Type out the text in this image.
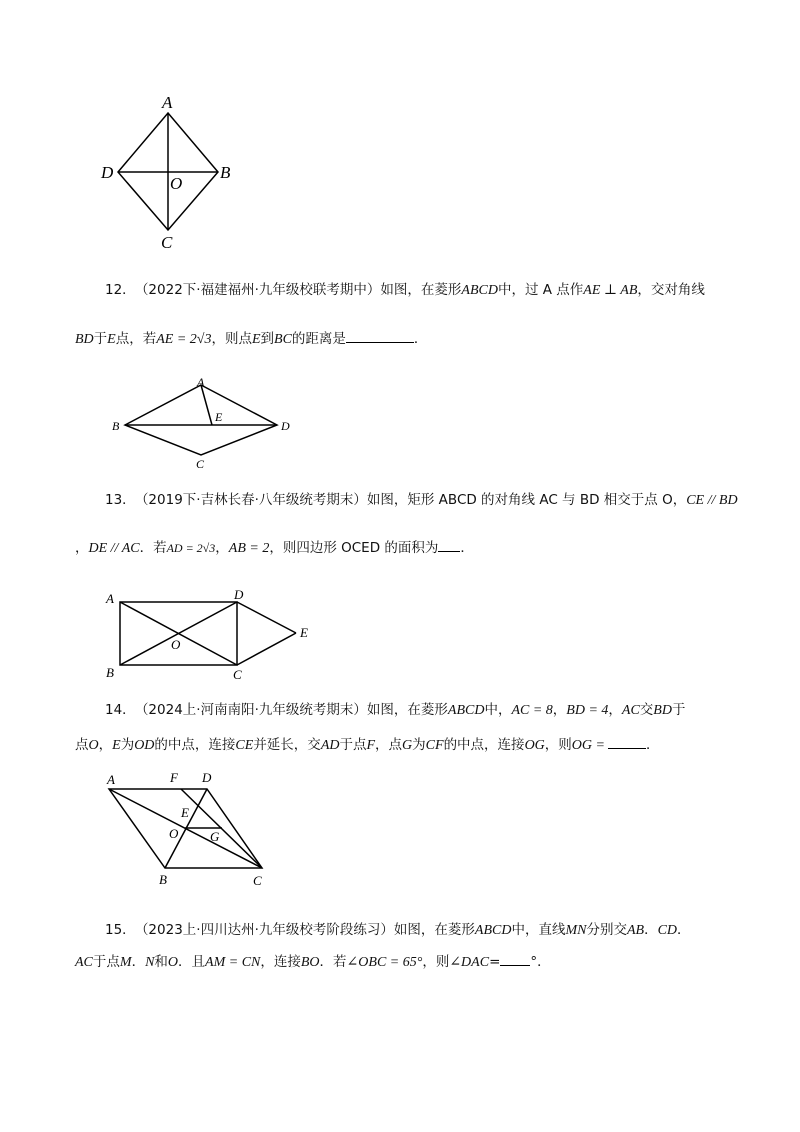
A
B
C
D
O
12． （2022下·福建福州·九年级校联考期中）如图，在菱形ABCD中，过 A 点作AE ⊥ AB，交对角线
BD于E点，若AE = 2√3，则点E到BC的距离是	．
A
B
C
D
E
13． （2019下·吉林长春·八年级统考期末）如图，矩形 ABCD 的对角线 AC 与 BD 相交于点 O，CE // BD
，DE // AC．若AD = 2√3，AB = 2，则四边形 OCED 的面积为 ．
A
B	C
D
E
O
14． （2024上·河南南阳·九年级统考期末）如图，在菱形ABCD中，AC = 8，BD = 4，AC交BD于
点O，E为OD的中点，连接CE并延长，交AD于点F，点G为CF的中点，连接OG，则OG =	．
A	F D
E
O G
B	C
15． （2023上·四川达州·九年级校考阶段练习）如图，在菱形ABCD中，直线MN分别交AB．CD．
AC于点M．N和O．且AM = CN，连接BO．若∠OBC = 65°，则∠DAC= °．
